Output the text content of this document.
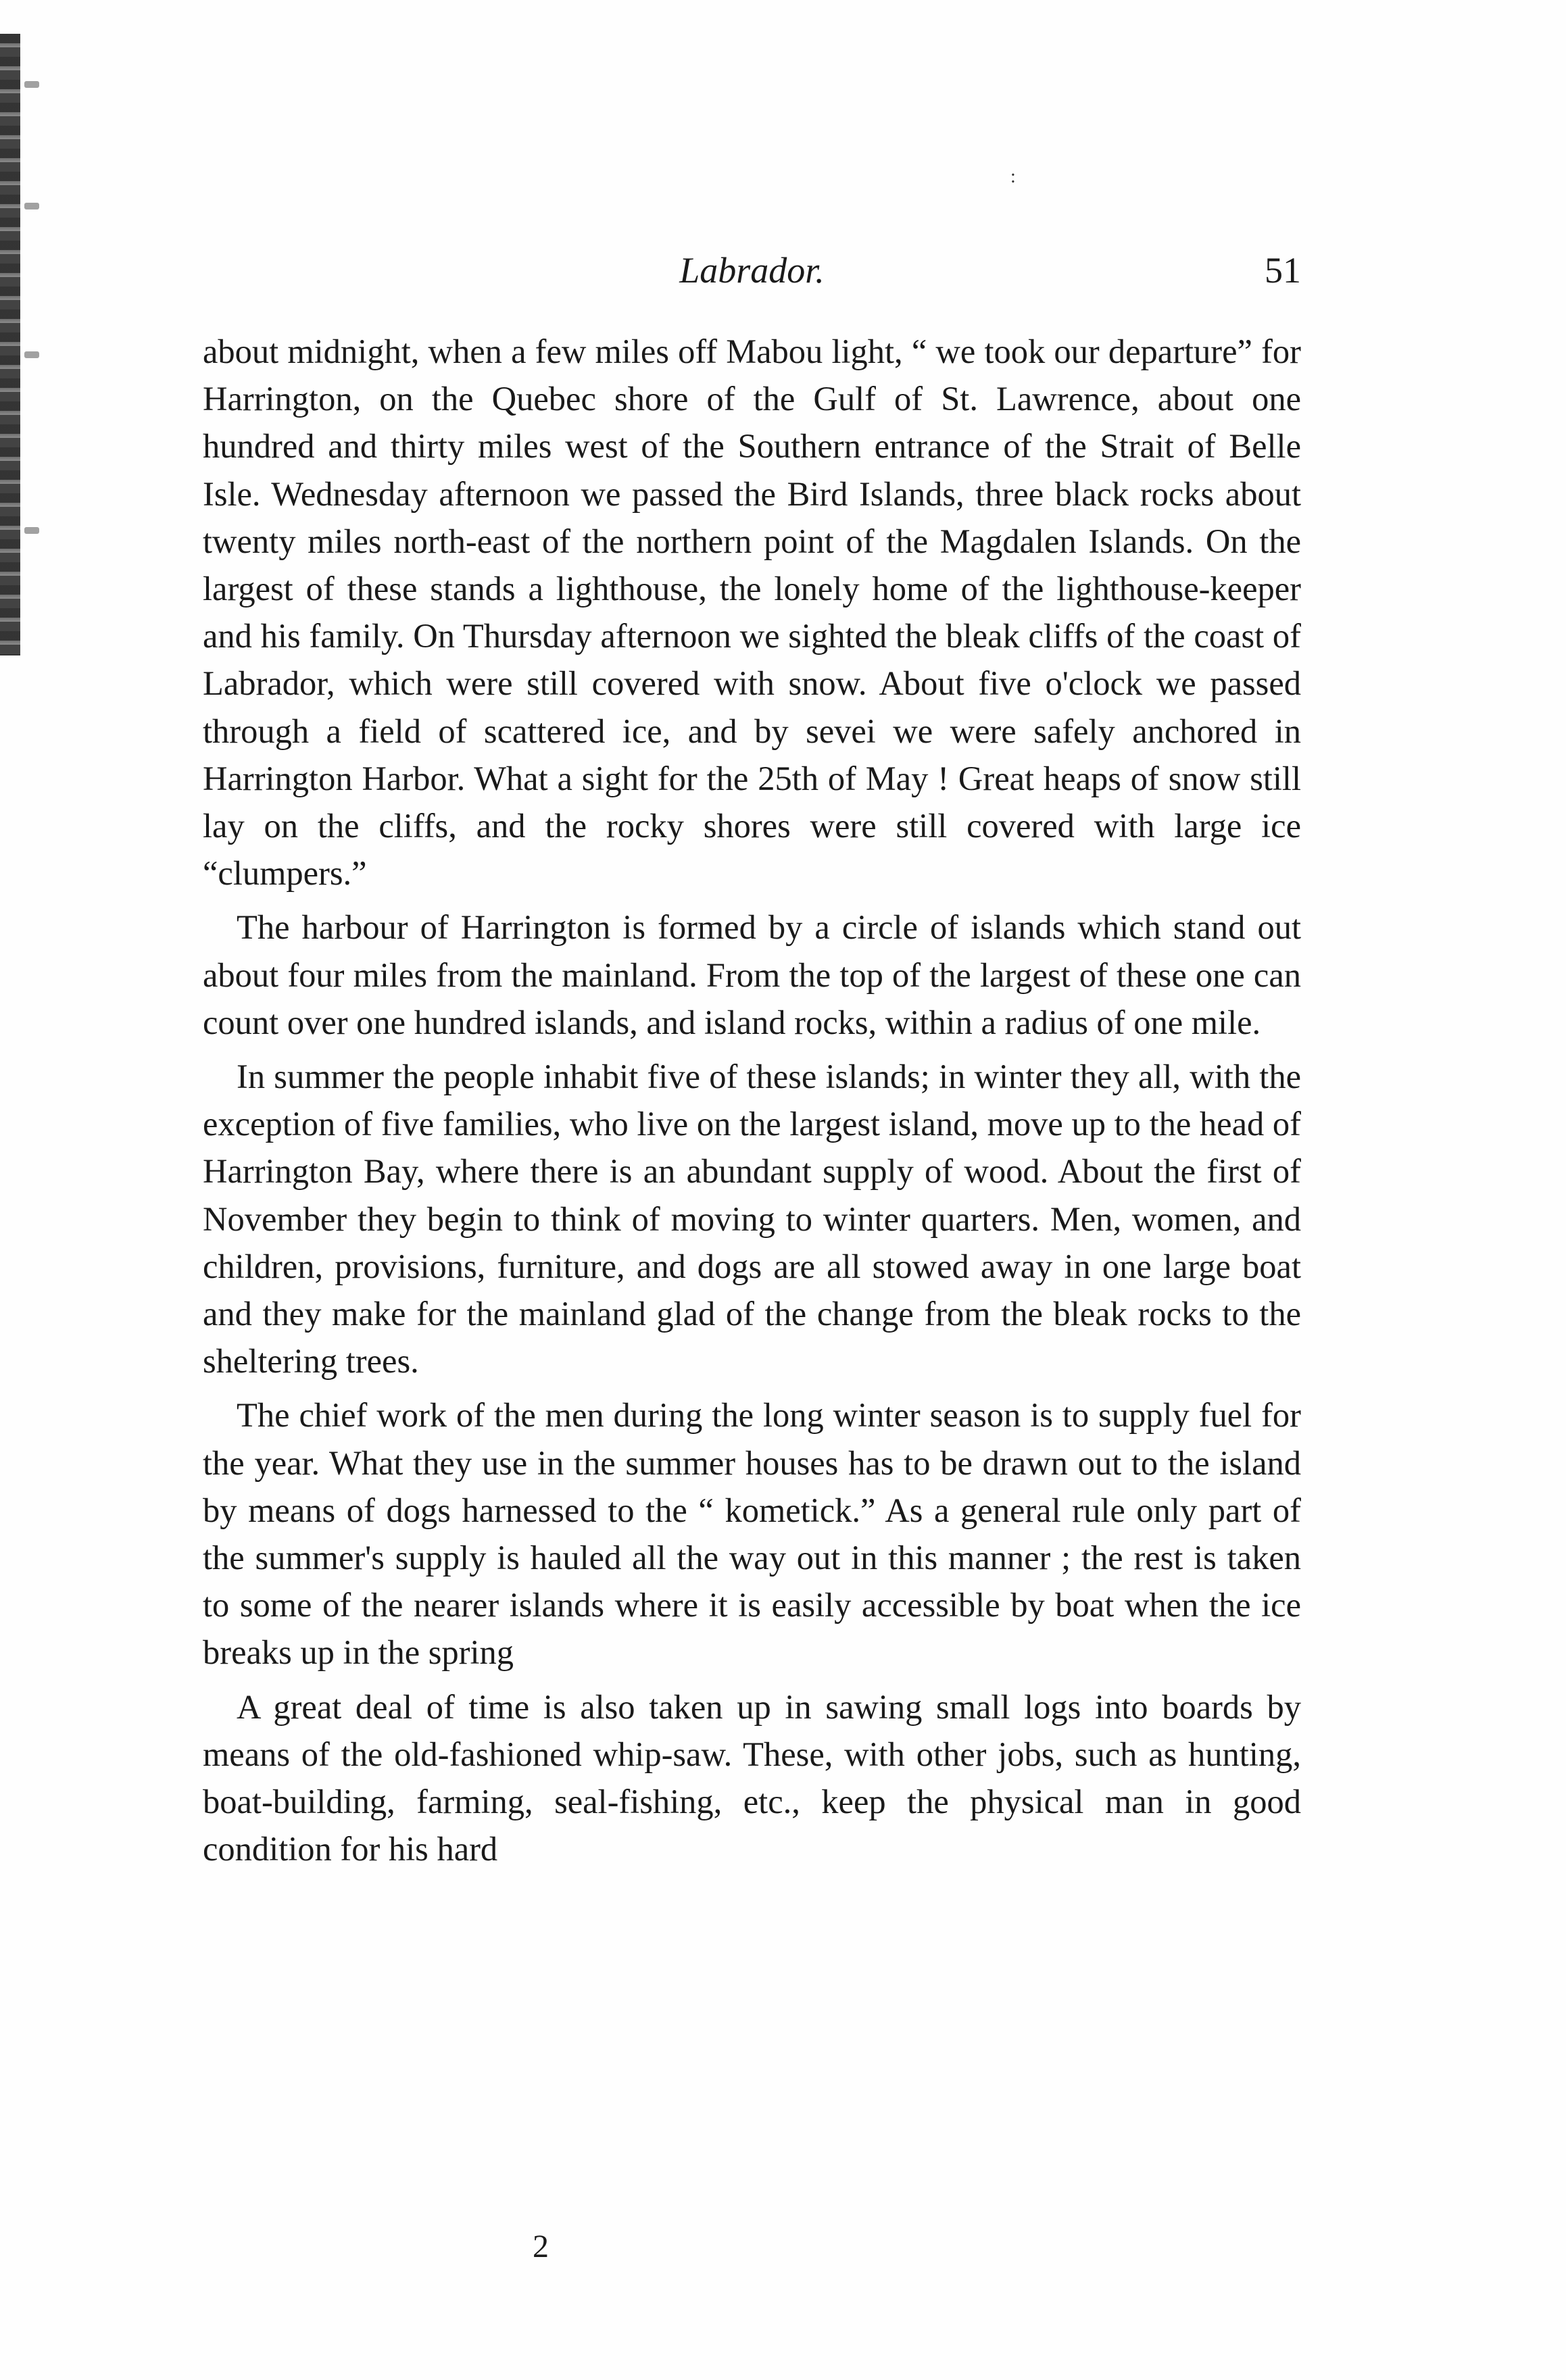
:
Labrador.	51

about midnight, when a few miles off Mabou light, “ we took our departure” for Harrington, on the Quebec shore of the Gulf of St. Lawrence, about one hundred and thirty miles west of the Southern entrance of the Strait of Belle Isle. Wednesday afternoon we passed the Bird Islands, three black rocks about twenty miles north-east of the northern point of the Magdalen Islands. On the largest of these stands a lighthouse, the lonely home of the lighthouse-keeper and his family. On Thursday afternoon we sighted the bleak cliffs of the coast of Labrador, which were still covered with snow. About five o'clock we passed through a field of scattered ice, and by sevei we were safely anchored in Harrington Harbor. What a sight for the 25th of May ! Great heaps of snow still lay on the cliffs, and the rocky shores were still covered with large ice “clumpers.”

The harbour of Harrington is formed by a circle of islands which stand out about four miles from the mainland. From the top of the largest of these one can count over one hundred islands, and island rocks, within a radius of one mile.

In summer the people inhabit five of these islands; in winter they all, with the exception of five families, who live on the largest island, move up to the head of Harrington Bay, where there is an abundant supply of wood. About the first of November they begin to think of moving to winter quarters. Men, women, and children, provisions, furniture, and dogs are all stowed away in one large boat and they make for the mainland glad of the change from the bleak rocks to the sheltering trees.

The chief work of the men during the long winter season is to supply fuel for the year. What they use in the summer houses has to be drawn out to the island by means of dogs harnessed to the “ kometick.” As a general rule only part of the summer's supply is hauled all the way out in this manner ; the rest is taken to some of the nearer islands where it is easily accessible by boat when the ice breaks up in the spring

A great deal of time is also taken up in sawing small logs into boards by means of the old-fashioned whip-saw. These, with other jobs, such as hunting, boat-building, farming, seal-fishing, etc., keep the physical man in good condition for his hard

2
